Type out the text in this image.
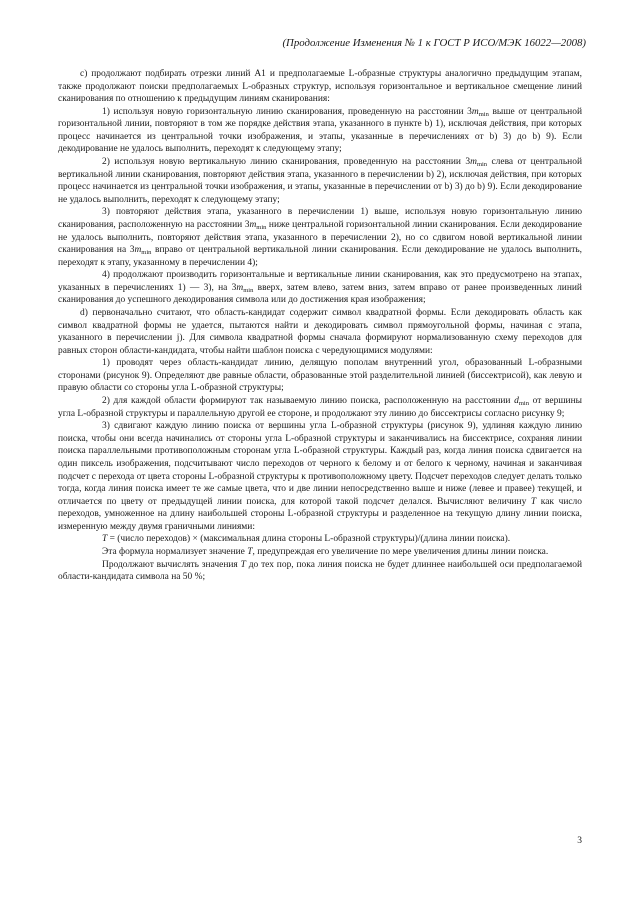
(Продолжение Изменения № 1 к ГОСТ Р ИСО/МЭК 16022—2008)

c) продолжают подбирать отрезки линий А1 и предполагаемые L-образные структуры аналогично предыдущим этапам, также продолжают поиски предполагаемых L-образных структур, используя горизонтальное и вертикальное смещение линий сканирования по отношению к предыдущим линиям сканирования:

1) используя новую горизонтальную линию сканирования, проведенную на расстоянии $3m_{min}$ выше от центральной горизонтальной линии, повторяют в том же порядке действия этапа, указанного в пункте b) 1), исключая действия, при которых процесс начинается из центральной точки изображения, и этапы, указанные в перечислениях от b) 3) до b) 9). Если декодирование не удалось выполнить, переходят к следующему этапу;

2) используя новую вертикальную линию сканирования, проведенную на расстоянии $3m_{min}$ слева от центральной вертикальной линии сканирования, повторяют действия этапа, указанного в перечислении b) 2), исключая действия, при которых процесс начинается из центральной точки изображения, и этапы, указанные в перечислении от b) 3) до b) 9). Если декодирование не удалось выполнить, переходят к следующему этапу;

3) повторяют действия этапа, указанного в перечислении 1) выше, используя новую горизонтальную линию сканирования, расположенную на расстоянии $3m_{min}$ ниже центральной горизонтальной линии сканирования. Если декодирование не удалось выполнить, повторяют действия этапа, указанного в перечислении 2), но со сдвигом новой вертикальной линии сканирования на $3m_{min}$ вправо от центральной вертикальной линии сканирования. Если декодирование не удалось выполнить, переходят к этапу, указанному в перечислении 4);

4) продолжают производить горизонтальные и вертикальные линии сканирования, как это предусмотрено на этапах, указанных в перечислениях 1) — 3), на $3m_{min}$ вверх, затем влево, затем вниз, затем вправо от ранее произведенных линий сканирования до успешного декодирования символа или до достижения края изображения;

d) первоначально считают, что область-кандидат содержит символ квадратной формы. Если декодировать область как символ квадратной формы не удается, пытаются найти и декодировать символ прямоугольной формы, начиная с этапа, указанного в перечислении j). Для символа квадратной формы сначала формируют нормализованную схему переходов для равных сторон области-кандидата, чтобы найти шаблон поиска с чередующимися модулями:

1) проводят через область-кандидат линию, делящую пополам внутренний угол, образованный L-образными сторонами (рисунок 9). Определяют две равные области, образованные этой разделительной линией (биссектрисой), как левую и правую области со стороны угла L-образной структуры;

2) для каждой области формируют так называемую линию поиска, расположенную на расстоянии $d_{min}$ от вершины угла L-образной структуры и параллельную другой ее стороне, и продолжают эту линию до биссектрисы согласно рисунку 9;

3) сдвигают каждую линию поиска от вершины угла L-образной структуры (рисунок 9), удлиняя каждую линию поиска, чтобы они всегда начинались от стороны угла L-образной структуры и заканчивались на биссектрисе, сохраняя линии поиска параллельными противоположным сторонам угла L-образной структуры. Каждый раз, когда линия поиска сдвигается на один пиксель изображения, подсчитывают число переходов от черного к белому и от белого к черному, начиная и заканчивая подсчет с перехода от цвета стороны L-образной структуры к противоположному цвету. Подсчет переходов следует делать только тогда, когда линия поиска имеет те же самые цвета, что и две линии непосредственно выше и ниже (левее и правее) текущей, и отличается по цвету от предыдущей линии поиска, для которой такой подсчет делался. Вычисляют величину T как число переходов, умноженное на длину наибольшей стороны L-образной структуры и разделенное на текущую длину линии поиска, измеренную между двумя граничными линиями:

T = (число переходов) × (максимальная длина стороны L-образной структуры)/(длина линии поиска).

Эта формула нормализует значение T, предупреждая его увеличение по мере увеличения длины линии поиска.

Продолжают вычислять значения T до тех пор, пока линия поиска не будет длиннее наибольшей оси предполагаемой области-кандидата символа на 50 %;

3
